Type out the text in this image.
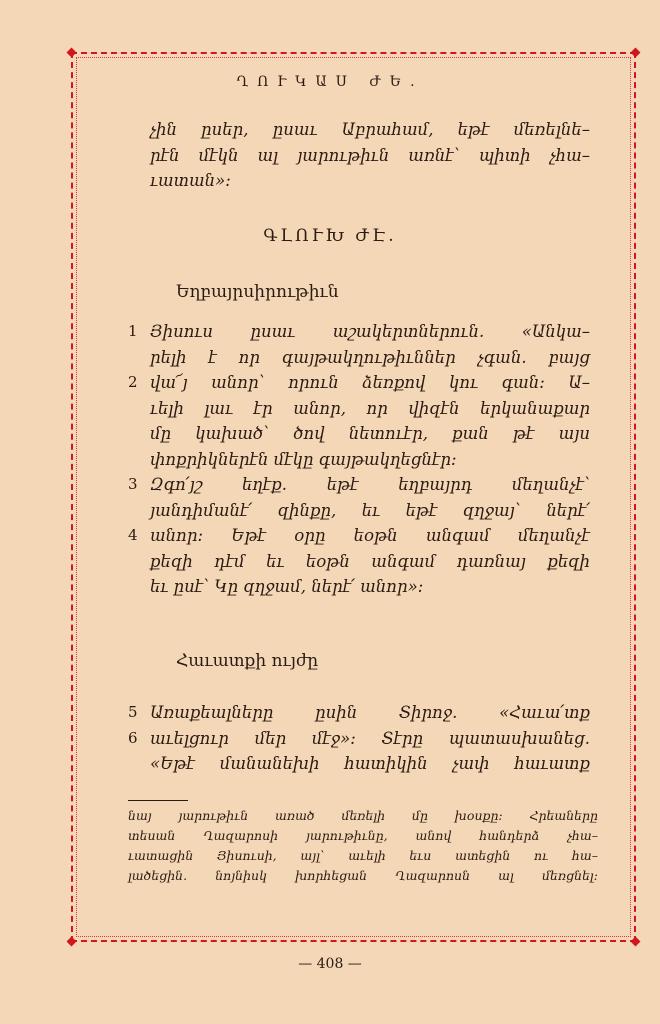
ՂՈՒԿԱՍ ԺԵ.
չին ըսեր, ըսաւ Աբրահամ, եթէ մեռելնե–
րէն մէկն ալ յարութիւն առնէ՝ պիտի չհա–
ւատան»։
ԳԼՈՒԽ ԺԷ.
Եղբայրսիրութիւն
Յիսուս ըսաւ աշակերտներուն. «Անկա–
րելի է որ գայթակղութիւններ չգան. բայց
վա՜յ անոր՝ որուն ձեռքով կու գան։ Ա–
ւելի լաւ էր անոր, որ վիզէն երկանաքար
մը կախած՝ ծով նետուէր, քան թէ այս
փոքրիկներէն մէկը գայթակղեցնէր։
Զգո՛յշ եղէք. եթէ եղբայրդ մեղանչէ՝
յանդիմանէ՛ զինքը, եւ եթէ զղջայ՝ ներէ՛
անոր։ Եթէ օրը եօթն անգամ մեղանչէ
քեզի դէմ եւ եօթն անգամ դառնայ քեզի
եւ ըսէ՝ Կը զղջամ, ներէ՛ անոր»։
1
2
3
4
Հաւատքի ույժը
Առաքեալները ըսին Տիրոջ. «Հաւա՛տք
աւելցուր մեր մէջ»։ Տէրը պատասխանեց.
«Եթէ մանանեխի հատիկին չափ հաւատք
5
6
նայ յարութիւն առած մեռելի մը խօսքը։ Հրեաները
տեսան Ղազարոսի յարութիւնը, անով հանդերձ չհա–
ւատացին Յիսուսի, այլ՝ աւելի եւս ատեցին ու հա–
լածեցին. նոյնիսկ խորհեցան Ղազարոսն ալ մեռցնել։
— 408 —
